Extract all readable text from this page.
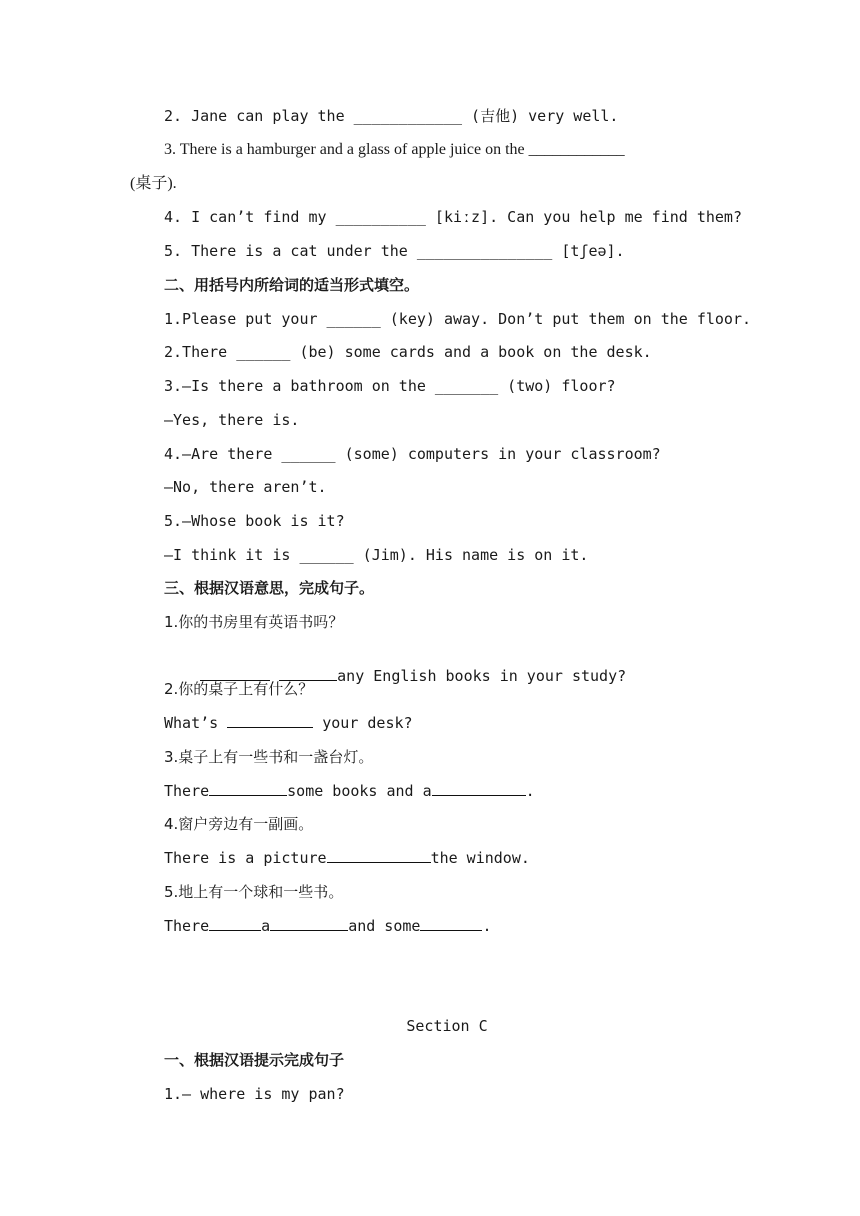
2. Jane can play the ____________ (吉他) very well.
3. There is a hamburger and a glass of apple juice on the ____________
(桌子).
4. I can’t find my __________ [kiːz]. Can you help me find them?
5. There is a cat under the _______________ [tʃeə].
二、用括号内所给词的适当形式填空。
1.Please put your ______ (key) away. Don’t put them on the floor.
2.There ______ (be) some cards and a book on the desk.
3.—Is there a bathroom on the _______ (two) floor?
—Yes, there is.
4.—Are there ______ (some) computers in your classroom?
—No, there aren’t.
5.—Whose book is it?
—I think it is ______ (Jim). His name is on it.
三、根据汉语意思，完成句子。
1.你的书房里有英语书吗？

any English books in your study?

2.你的桌子上有什么？
What’s	your desk?
3.桌子上有一些书和一盏台灯。
There	some books and a	.
4.窗户旁边有一副画。
There is a picture	the window.
5.地上有一个球和一些书。
There	a	and some	.
Section C
一、根据汉语提示完成句子
1.— where is my pan?
